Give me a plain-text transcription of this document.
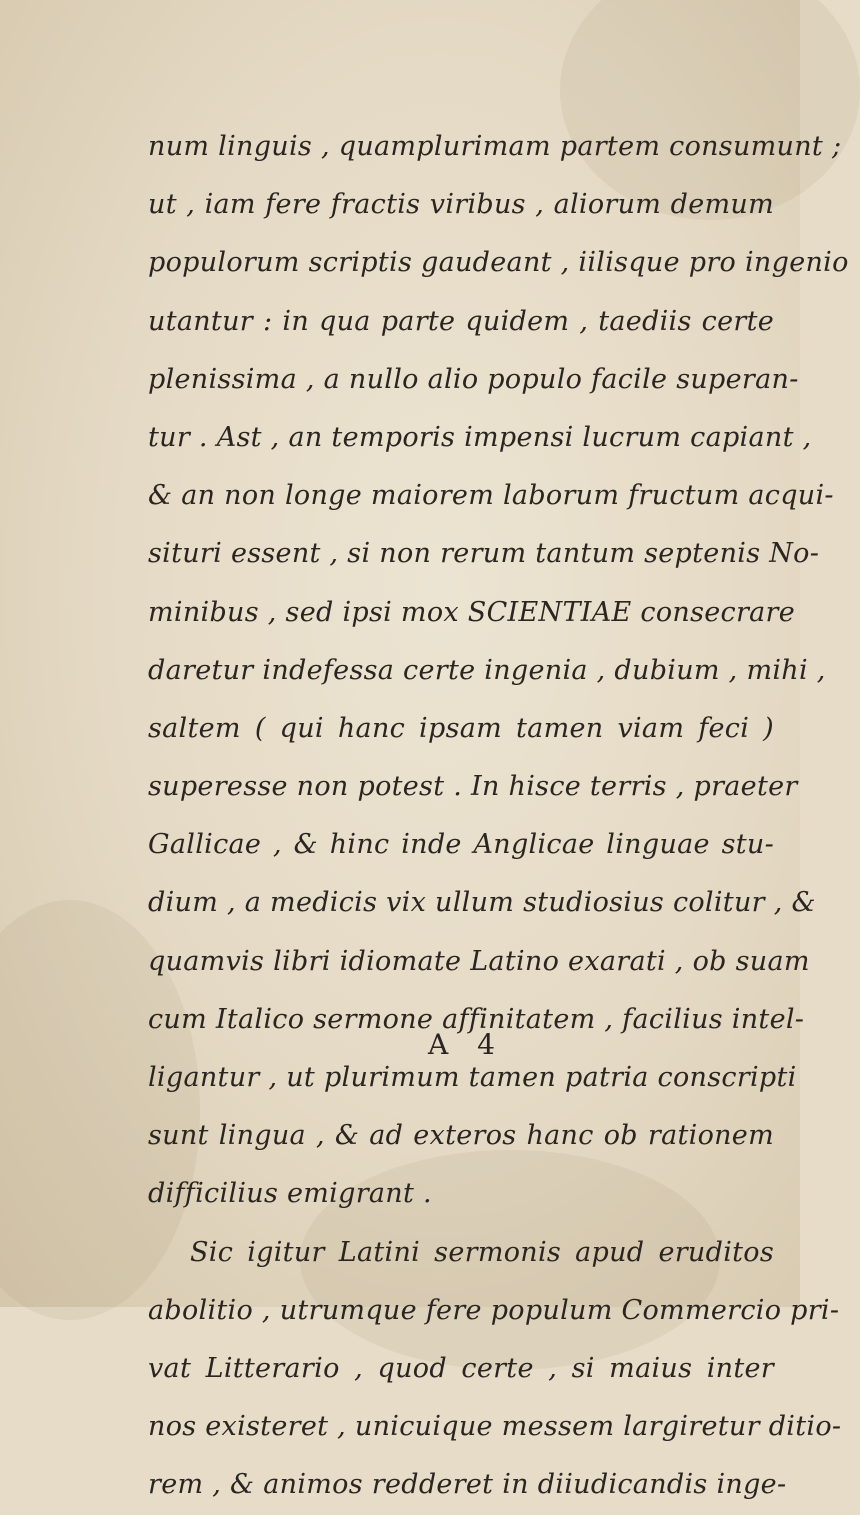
num linguis , quamplurimam partem consumunt ;
ut , iam fere fractis viribus , aliorum demum
populorum scriptis gaudeant , iilisque pro ingenio
utantur : in qua parte quidem , taediis certe
plenissima , a nullo alio populo facile superan-
tur . Ast , an temporis impensi lucrum capiant ,
& an non longe maiorem laborum fructum acqui-
situri essent , si non rerum tantum septenis No-
minibus , sed ipsi mox SCIENTIAE consecrare
daretur indefessa certe ingenia , dubium , mihi ,
saltem ( qui hanc ipsam tamen viam feci )
superesse non potest . In hisce terris , praeter
Gallicae , & hinc inde Anglicae linguae stu-
dium , a medicis vix ullum studiosius colitur , &
quamvis libri idiomate Latino exarati , ob suam
cum Italico sermone affinitatem , facilius intel-
ligantur , ut plurimum tamen patria conscripti
sunt lingua , & ad exteros hanc ob rationem
difficilius emigrant .
Sic igitur Latini sermonis apud eruditos
abolitio , utrumque fere populum Commercio pri-
vat Litterario , quod certe , si maius inter
nos existeret , unicuique messem largiretur ditio-
rem , & animos redderet in diiudicandis inge-
A 4
